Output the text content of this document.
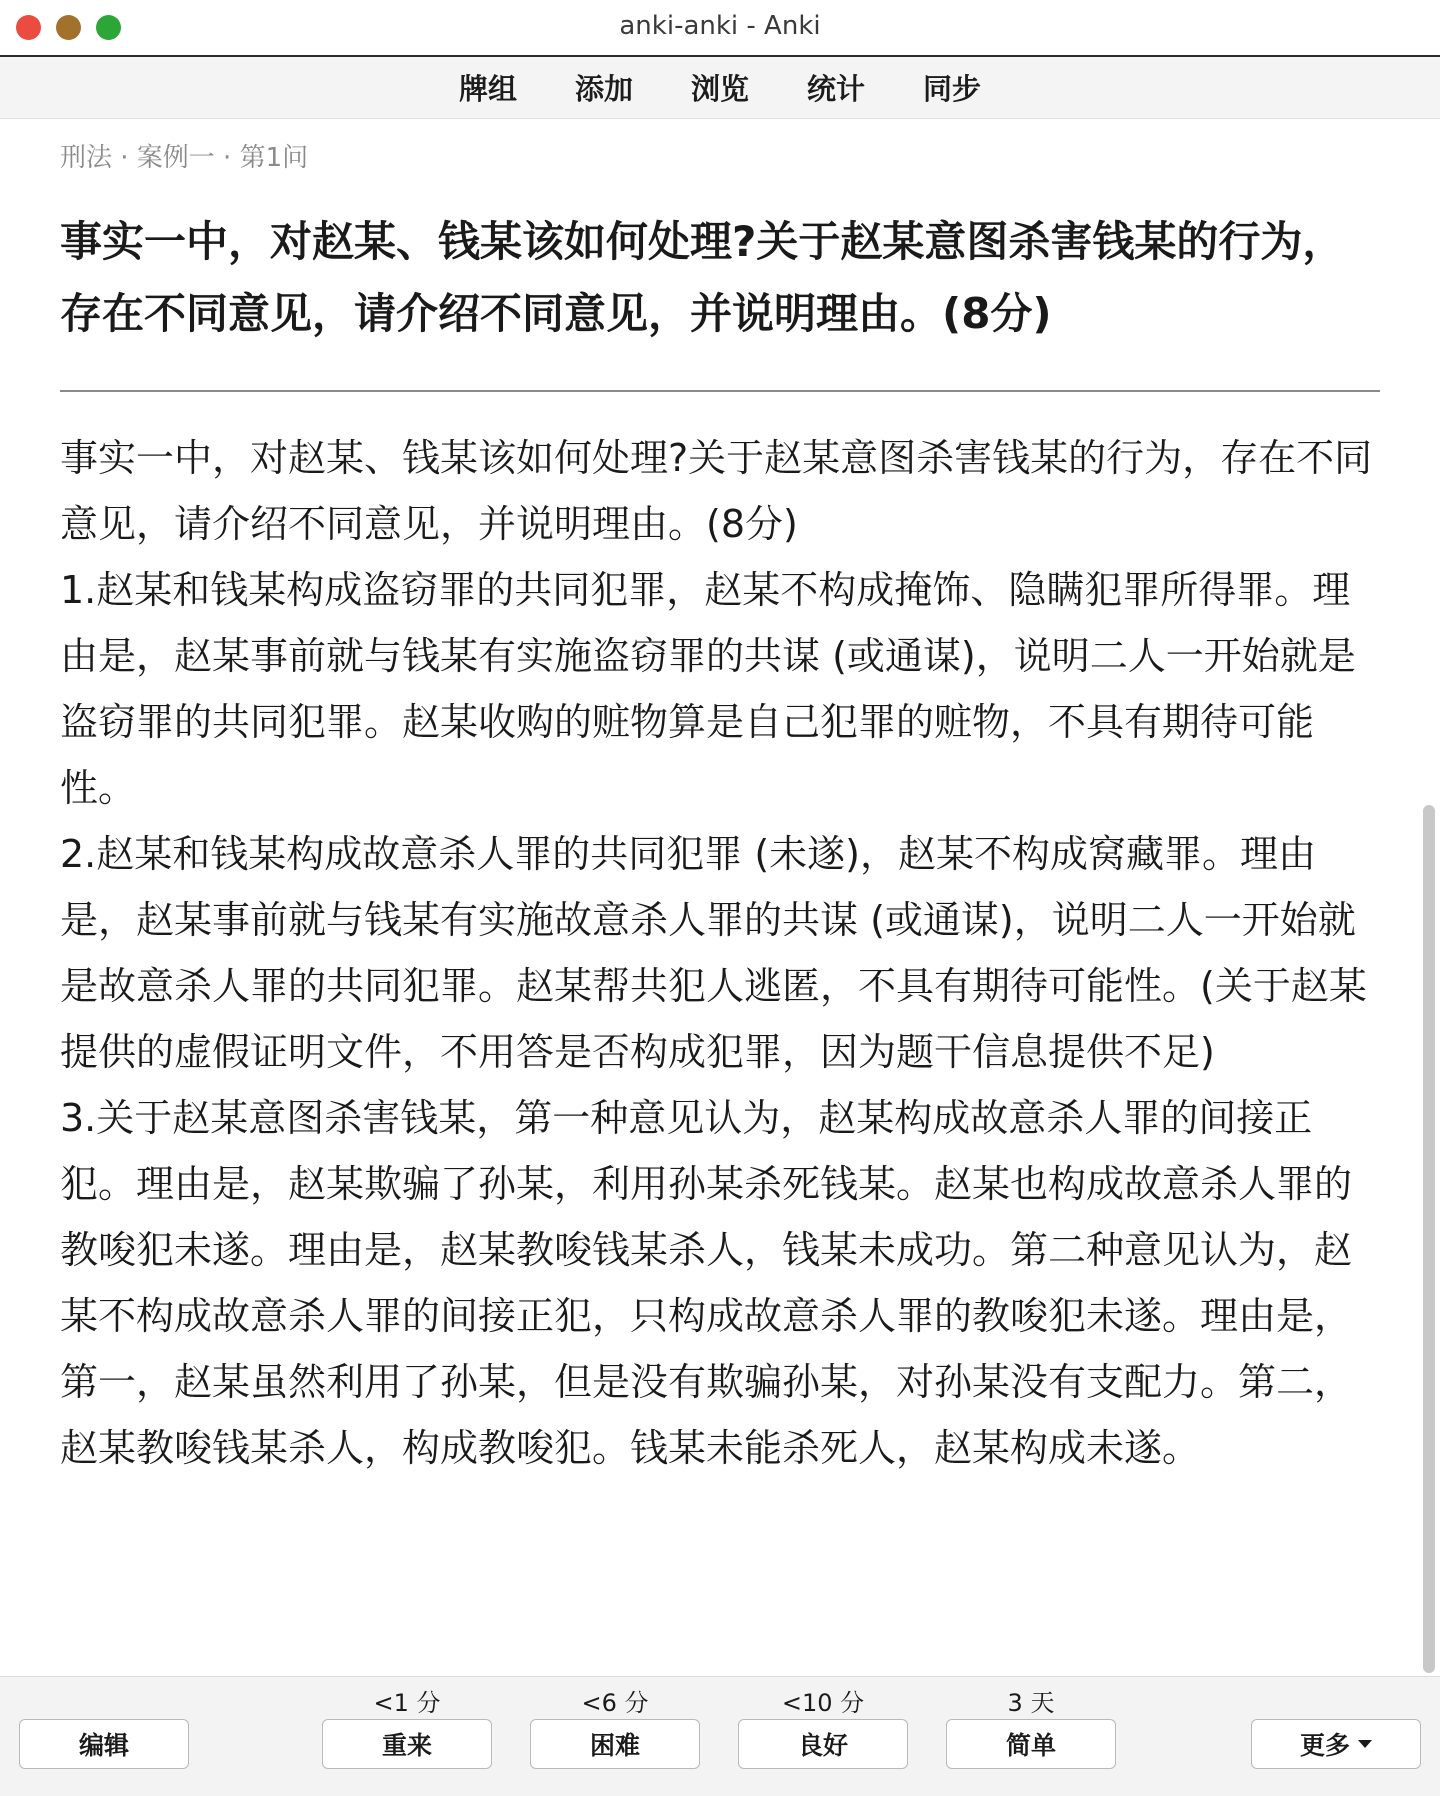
anki-anki - Anki
牌组 添加 浏览 统计 同步
刑法 · 案例一 · 第1问
事实一中，对赵某、钱某该如何处理?关于赵某意图杀害钱某的行为，存在不同意见，请介绍不同意见，并说明理由。(8分)

事实一中，对赵某、钱某该如何处理?关于赵某意图杀害钱某的行为，存在不同意见，请介绍不同意见，并说明理由。(8分)

1.赵某和钱某构成盗窃罪的共同犯罪，赵某不构成掩饰、隐瞒犯罪所得罪。理由是，赵某事前就与钱某有实施盗窃罪的共谋 (或通谋)，说明二人一开始就是盗窃罪的共同犯罪。赵某收购的赃物算是自己犯罪的赃物，不具有期待可能性。

2.赵某和钱某构成故意杀人罪的共同犯罪 (未遂)，赵某不构成窝藏罪。理由是，赵某事前就与钱某有实施故意杀人罪的共谋 (或通谋)，说明二人一开始就是故意杀人罪的共同犯罪。赵某帮共犯人逃匿，不具有期待可能性。(关于赵某提供的虚假证明文件，不用答是否构成犯罪，因为题干信息提供不足)

3.关于赵某意图杀害钱某，第一种意见认为，赵某构成故意杀人罪的间接正犯。理由是，赵某欺骗了孙某，利用孙某杀死钱某。赵某也构成故意杀人罪的教唆犯未遂。理由是，赵某教唆钱某杀人，钱某未成功。第二种意见认为，赵某不构成故意杀人罪的间接正犯，只构成故意杀人罪的教唆犯未遂。理由是，第一，赵某虽然利用了孙某，但是没有欺骗孙某，对孙某没有支配力。第二，赵某教唆钱某杀人，构成教唆犯。钱某未能杀死人，赵某构成未遂。

编辑
<1 分
重来
<6 分
困难
<10 分
良好
3 天
简单	更多
